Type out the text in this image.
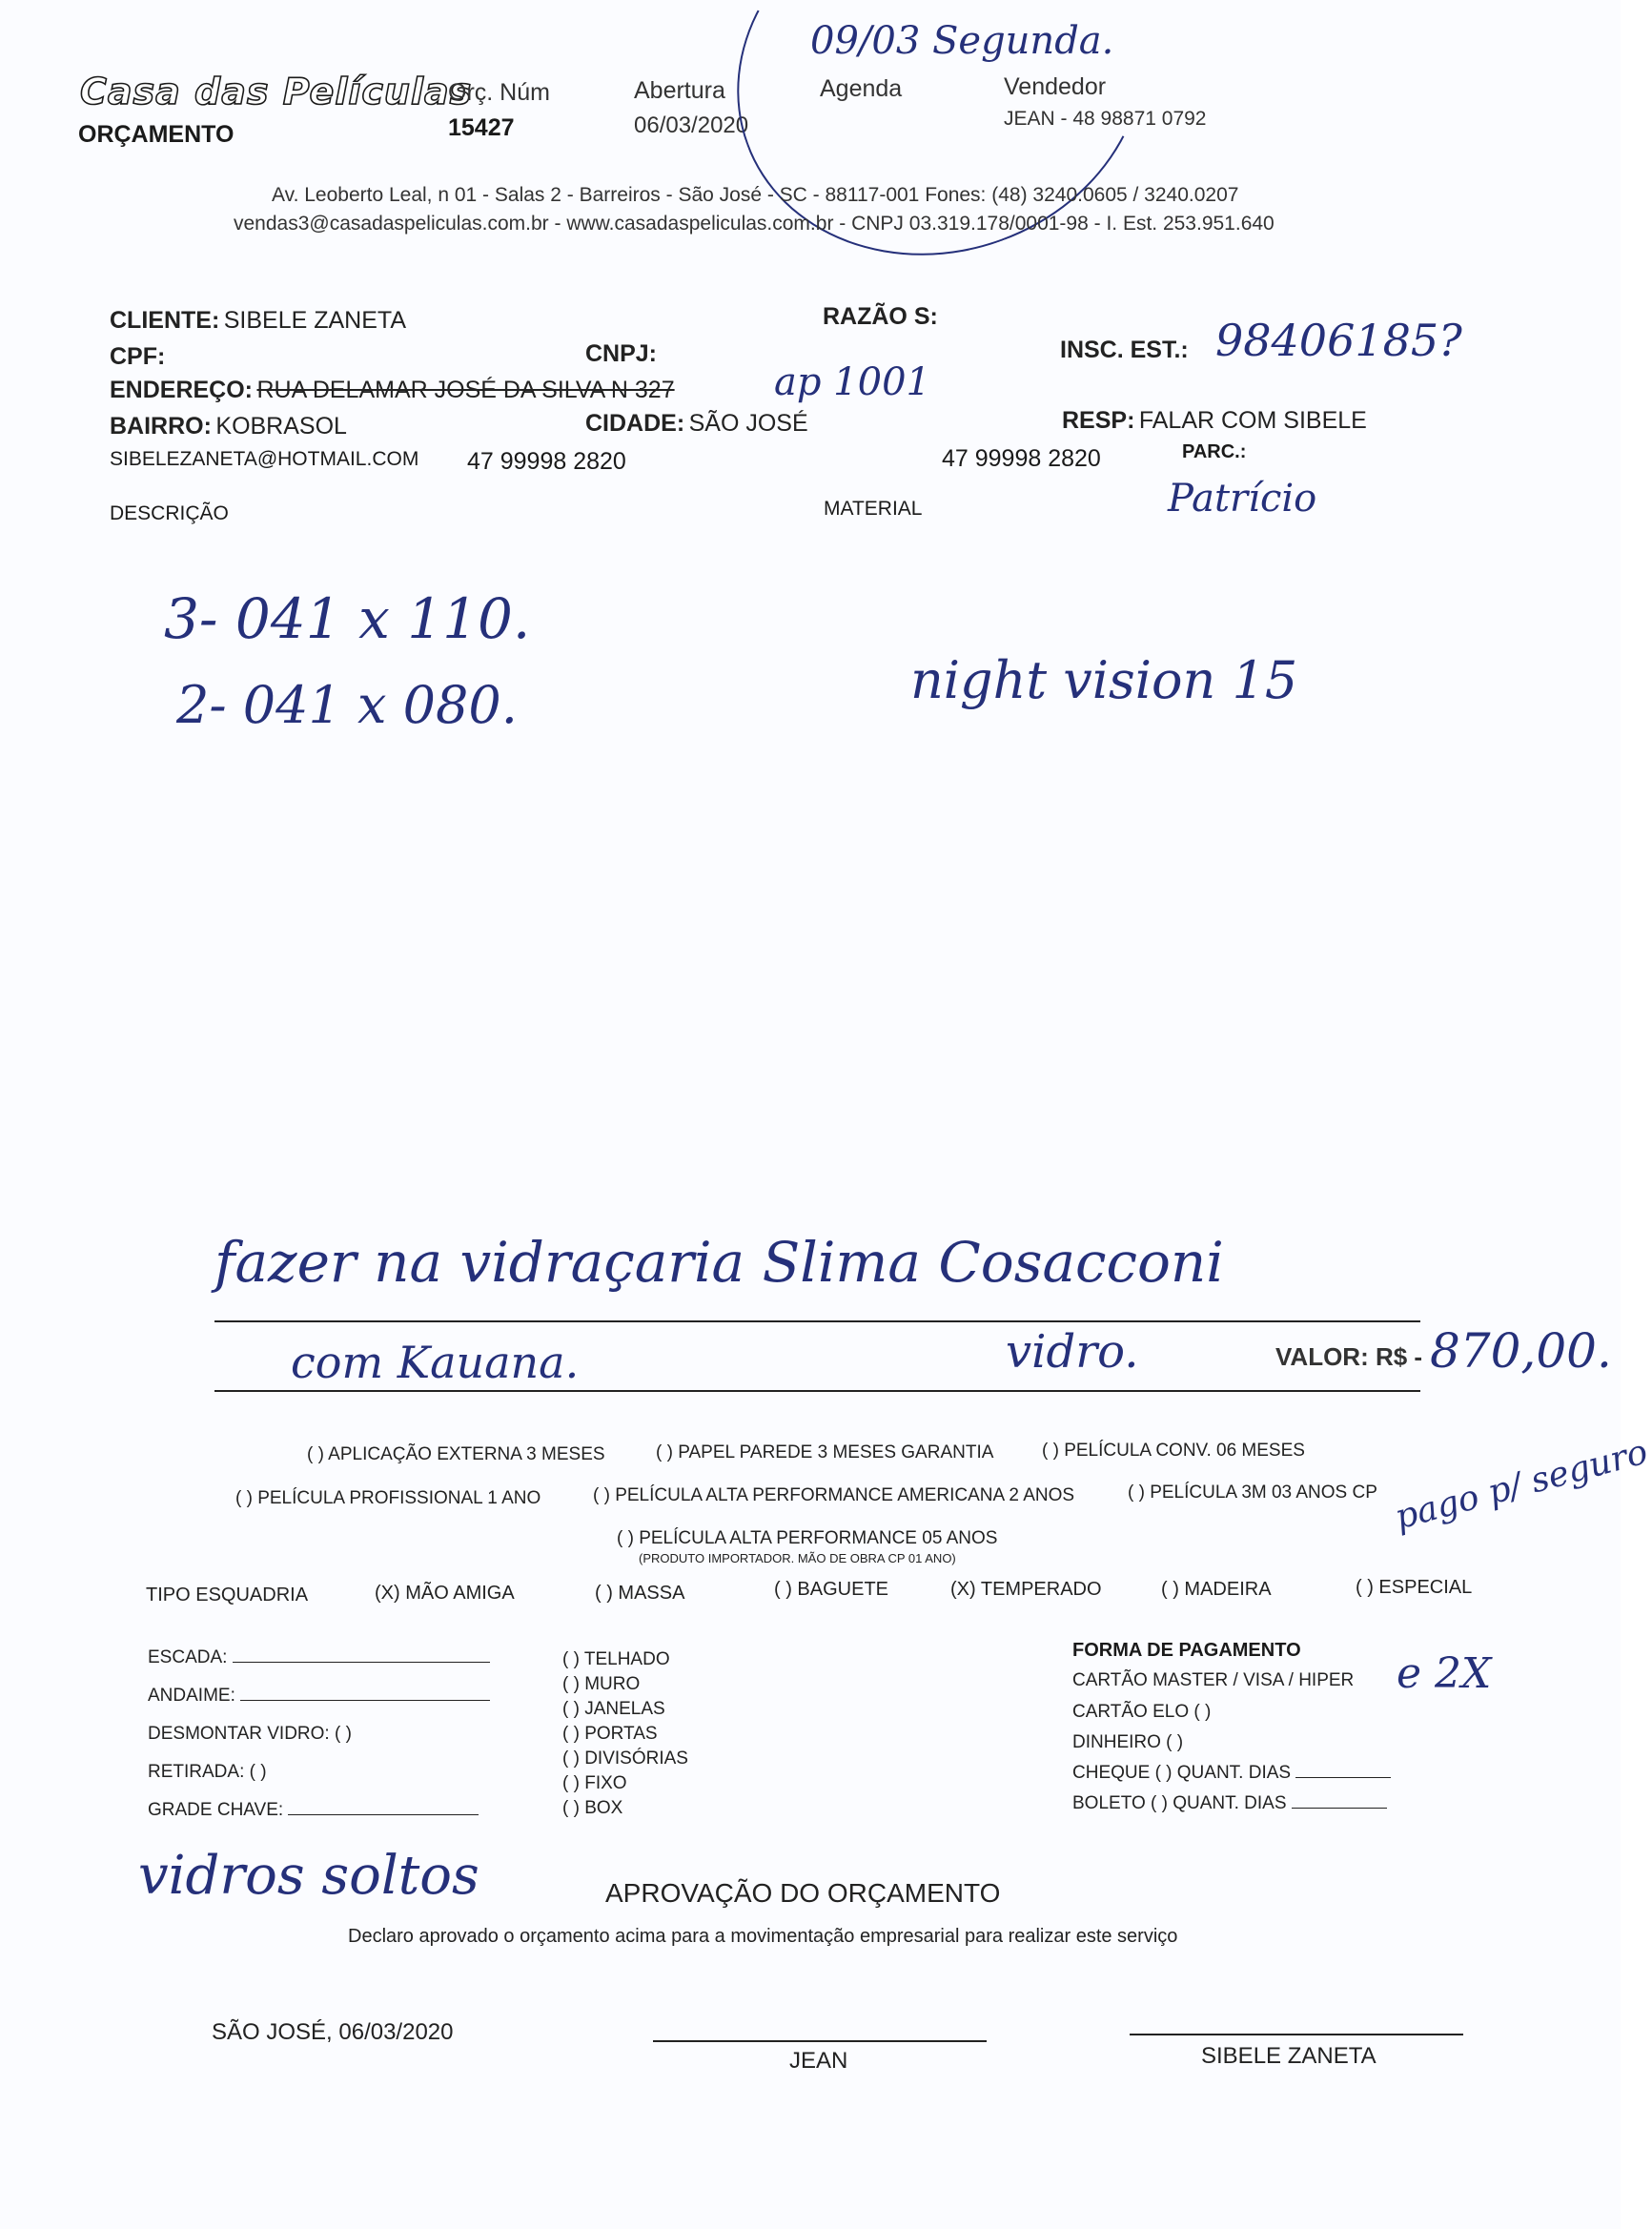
Casa das Películas
ORÇAMENTO
Orç. Núm
15427
Abertura
06/03/2020
Agenda
09/03 Segunda.
Vendedor
JEAN - 48 98871 0792
Av. Leoberto Leal, n 01 - Salas 2 - Barreiros - São José - SC - 88117-001 Fones: (48) 3240.0605 / 3240.0207
vendas3@casadaspeliculas.com.br - www.casadaspeliculas.com.br - CNPJ 03.319.178/0001-98 - I. Est. 253.951.640
CLIENTE: SIBELE ZANETA	RAZÃO S:
CPF:	CNPJ:	INSC. EST.: 98406185?
ENDEREÇO: RUA DELAMAR JOSÉ DA SILVA N 327	ap 1001
BAIRRO: KOBRASOL	CIDADE: SÃO JOSÉ	RESP: FALAR COM SIBELE
SIBELEZANETA@HOTMAIL.COM 47 99998 2820	47 99998 2820	PARC.:
Patrício
DESCRIÇÃO	MATERIAL
3- 041 x 110.
2- 041 x 080.	night vision 15
fazer na vidraçaria Slima Cosacconi
com Kauana.	vidro.	VALOR: R$ - 870,00.
( ) APLICAÇÃO EXTERNA 3 MESES	( ) PAPEL PAREDE 3 MESES GARANTIA	( ) PELÍCULA CONV. 06 MESES
( ) PELÍCULA PROFISSIONAL 1 ANO	( ) PELÍCULA ALTA PERFORMANCE AMERICANA 2 ANOS	( ) PELÍCULA 3M 03 ANOS CP pago p/ seguro
( ) PELÍCULA ALTA PERFORMANCE 05 ANOS
(PRODUTO IMPORTADOR. MÃO DE OBRA CP 01 ANO)
TIPO ESQUADRIA	(X) MÃO AMIGA	( ) MASSA	( ) BAGUETE	(X) TEMPERADO	( ) MADEIRA	( ) ESPECIAL
ESCADA:
ANDAIME:
DESMONTAR VIDRO: ( )
RETIRADA: ( )
GRADE CHAVE:
( ) TELHADO
( ) MURO
( ) JANELAS
( ) PORTAS
( ) DIVISÓRIAS
( ) FIXO
( ) BOX
FORMA DE PAGAMENTO
CARTÃO MASTER / VISA / HIPER e 2X
CARTÃO ELO ( )
DINHEIRO ( )
CHEQUE ( ) QUANT. DIAS
BOLETO ( ) QUANT. DIAS
vidros soltos	APROVAÇÃO DO ORÇAMENTO
Declaro aprovado o orçamento acima para a movimentação empresarial para realizar este serviço
SÃO JOSÉ, 06/03/2020
JEAN	SIBELE ZANETA
